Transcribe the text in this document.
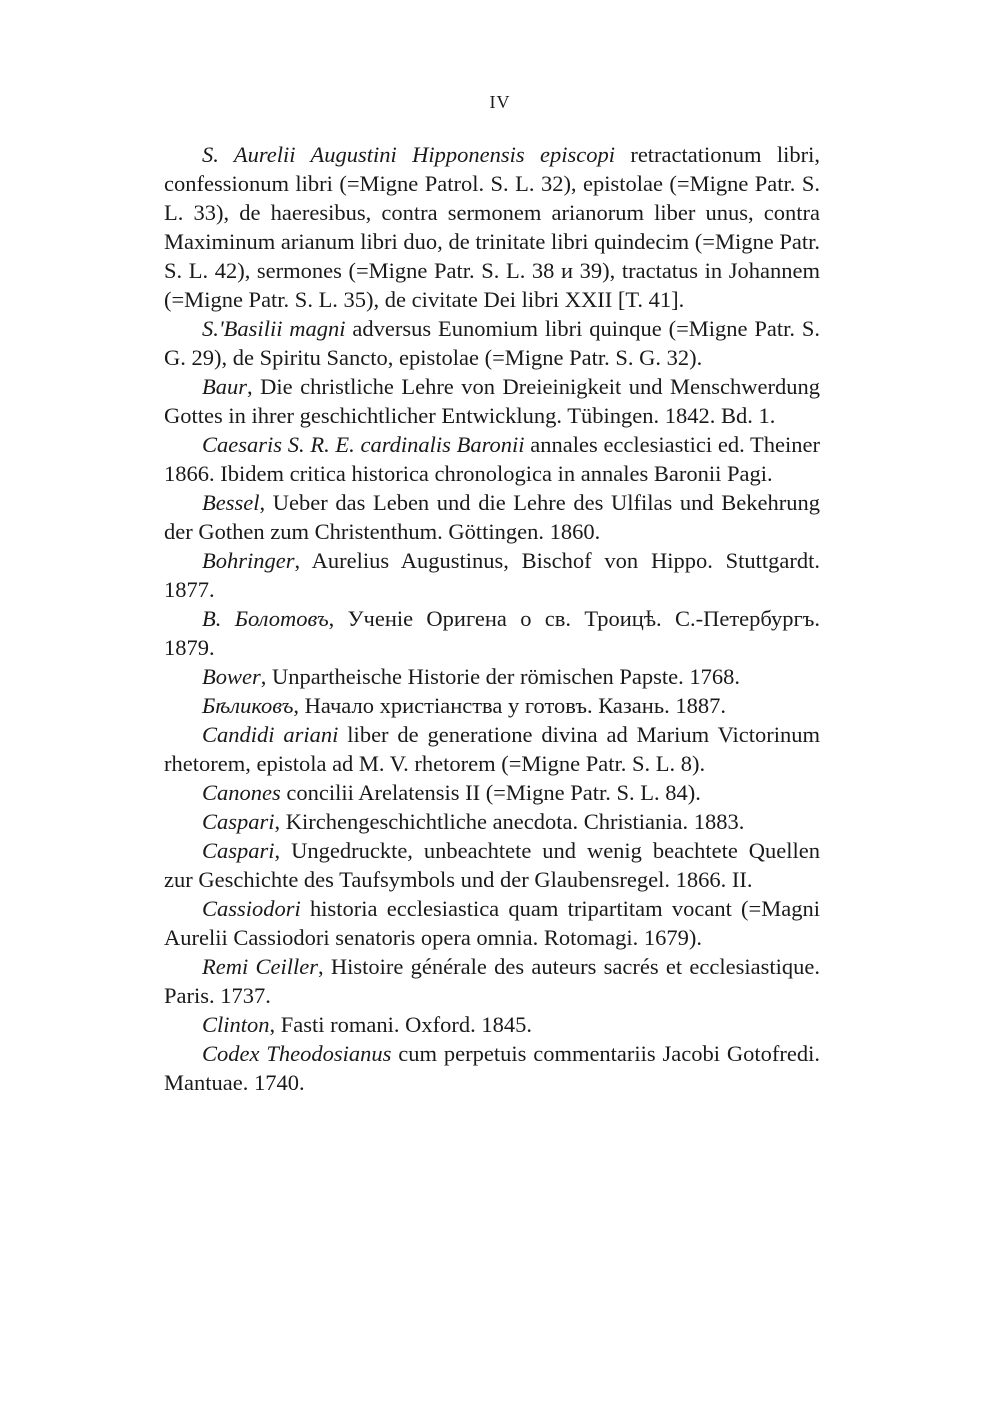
IV

S. Aurelii Augustini Hipponensis episcopi retractationum libri, confessionum libri (=Migne Patrol. S. L. 32), epistolae (=Migne Patr. S. L. 33), de haeresibus, contra sermonem arianorum liber unus, contra Maximinum arianum libri duo, de trinitate libri quindecim (=Migne Patr. S. L. 42), sermones (=Migne Patr. S. L. 38 и 39), tractatus in Johannem (=Migne Patr. S. L. 35), de civitate Dei libri XXII [T. 41].

S.'Basilii magni adversus Eunomium libri quinque (=Migne Patr. S. G. 29), de Spiritu Sancto, epistolae (=Migne Patr. S. G. 32).

Baur, Die christliche Lehre von Dreieinigkeit und Menschwerdung Gottes in ihrer geschichtlicher Entwicklung. Tübingen. 1842. Bd. 1.

Caesaris S. R. E. cardinalis Baronii annales ecclesiastici ed. Theiner 1866. Ibidem critica historica chronologica in annales Baronii Pagi.

Bessel, Ueber das Leben und die Lehre des Ulfilas und Bekehrung der Gothen zum Christenthum. Göttingen. 1860.

Bohringer, Aurelius Augustinus, Bischof von Hippo. Stuttgardt. 1877.

В. Болотовъ, Ученіе Оригена о св. Троицѣ. С.-Петербургъ. 1879.

Bower, Unpartheische Historie der römischen Papste. 1768.

Бѣликовъ, Начало христіанства у готовъ. Казань. 1887.

Candidi ariani liber de generatione divina ad Marium Victorinum rhetorem, epistola ad M. V. rhetorem (=Migne Patr. S. L. 8).

Canones concilii Arelatensis II (=Migne Patr. S. L. 84).

Caspari, Kirchengeschichtliche anecdota. Christiania. 1883.

Caspari, Ungedruckte, unbeachtete und wenig beachtete Quellen zur Geschichte des Taufsymbols und der Glaubensregel. 1866. II.

Cassiodori historia ecclesiastica quam tripartitam vocant (=Magni Aurelii Cassiodori senatoris opera omnia. Rotomagi. 1679).

Remi Ceiller, Histoire générale des auteurs sacrés et ecclesiastique. Paris. 1737.

Clinton, Fasti romani. Oxford. 1845.

Codex Theodosianus cum perpetuis commentariis Jacobi Gotofredi. Mantuae. 1740.
